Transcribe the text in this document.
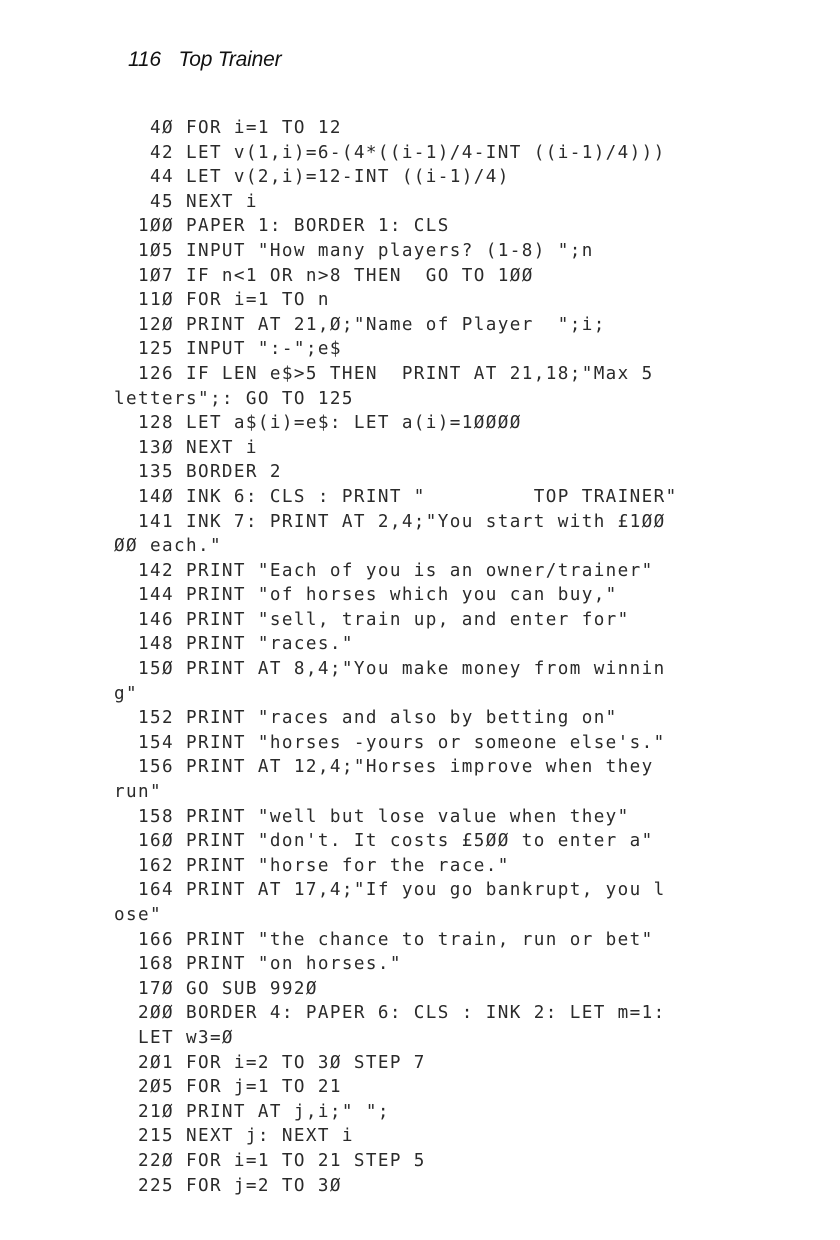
116 Top Trainer
4Ø FOR i=1 TO 12
42 LET v(1,i)=6-(4*((i-1)/4-INT ((i-1)/4)))
44 LET v(2,i)=12-INT ((i-1)/4)
45 NEXT i
1ØØ PAPER 1: BORDER 1: CLS
1Ø5 INPUT "How many players? (1-8) ";n
1Ø7 IF n<1 OR n>8 THEN  GO TO 1ØØ
11Ø FOR i=1 TO n
12Ø PRINT AT 21,Ø;"Name of Player  ";i;
125 INPUT ":-";e$
126 IF LEN e$>5 THEN  PRINT AT 21,18;"Max 5
letters";: GO TO 125
128 LET a$(i)=e$: LET a(i)=1ØØØØ
13Ø NEXT i
135 BORDER 2
14Ø INK 6: CLS : PRINT "         TOP TRAINER"
141 INK 7: PRINT AT 2,4;"You start with £1ØØ
ØØ each."
142 PRINT "Each of you is an owner/trainer"
144 PRINT "of horses which you can buy,"
146 PRINT "sell, train up, and enter for"
148 PRINT "races."
15Ø PRINT AT 8,4;"You make money from winnin
g"
152 PRINT "races and also by betting on"
154 PRINT "horses -yours or someone else's."
156 PRINT AT 12,4;"Horses improve when they
run"
158 PRINT "well but lose value when they"
16Ø PRINT "don't. It costs £5ØØ to enter a"
162 PRINT "horse for the race."
164 PRINT AT 17,4;"If you go bankrupt, you l
ose"
166 PRINT "the chance to train, run or bet"
168 PRINT "on horses."
17Ø GO SUB 992Ø
2ØØ BORDER 4: PAPER 6: CLS : INK 2: LET m=1:
LET w3=Ø
2Ø1 FOR i=2 TO 3Ø STEP 7
2Ø5 FOR j=1 TO 21
21Ø PRINT AT j,i;" ";
215 NEXT j: NEXT i
22Ø FOR i=1 TO 21 STEP 5
225 FOR j=2 TO 3Ø
